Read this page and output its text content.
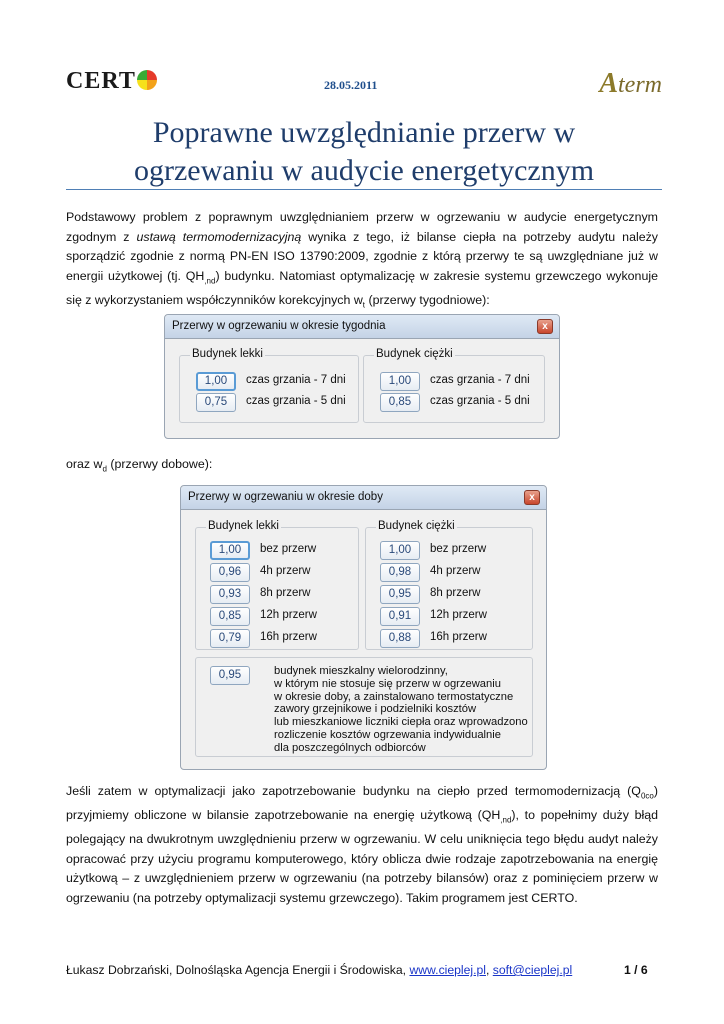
CERT	28.05.2011	Aterm
Poprawne uwzględnianie przerw w
ogrzewaniu w audycie energetycznym
Podstawowy problem z poprawnym uwzględnianiem przerw w ogrzewaniu w audycie energetycznym zgodnym z ustawą termomodernizacyjną wynika z tego, iż bilanse ciepła na potrzeby audytu należy sporządzić zgodnie z normą PN-EN ISO 13790:2009, zgodnie z którą przerwy te są uwzględniane już w energii użytkowej (tj. $QH_{,nd}$) budynku. Natomiast optymalizację w zakresie systemu grzewczego wykonuje się z wykorzystaniem współczynników korekcyjnych $w_t$ (przerwy tygodniowe):
Przerwy w ogrzewaniu w okresie tygodnia	x
Budynek lekki
1,00	czas grzania - 7 dni
0,75	czas grzania - 5 dni
Budynek ciężki
1,00	czas grzania - 7 dni
0,85	czas grzania - 5 dni
oraz $w_d$ (przerwy dobowe):
Przerwy w ogrzewaniu w okresie doby	x
Budynek lekki
1,00	bez przerw
0,96	4h przerw
0,93	8h przerw
0,85	12h przerw
0,79	16h przerw
Budynek ciężki
1,00	bez przerw
0,98	4h przerw
0,95	8h przerw
0,91	12h przerw
0,88	16h przerw
0,95	budynek mieszkalny wielorodzinny,
w którym nie stosuje się przerw w ogrzewaniu
w okresie doby, a zainstalowano termostatyczne
zawory grzejnikowe i podzielniki kosztów
lub mieszkaniowe liczniki ciepła oraz wprowadzono
rozliczenie kosztów ogrzewania indywidualnie
dla poszczególnych odbiorców
Jeśli zatem w optymalizacji jako zapotrzebowanie budynku na ciepło przed termomodernizacją $(Q_{0co})$ przyjmiemy obliczone w bilansie zapotrzebowanie na energię użytkową $(QH_{,nd})$, to popełnimy duży błąd polegający na dwukrotnym uwzględnieniu przerw w ogrzewaniu. W celu uniknięcia tego błędu audyt należy opracować przy użyciu programu komputerowego, który oblicza dwie rodzaje zapotrzebowania na energię użytkową – z uwzględnieniem przerw w ogrzewaniu (na potrzeby bilansów) oraz z pominięciem przerw w ogrzewaniu (na potrzeby optymalizacji systemu grzewczego). Takim programem jest CERTO.
Łukasz Dobrzański, Dolnośląska Agencja Energii i Środowiska, www.cieplej.pl, soft@cieplej.pl	1 / 6
